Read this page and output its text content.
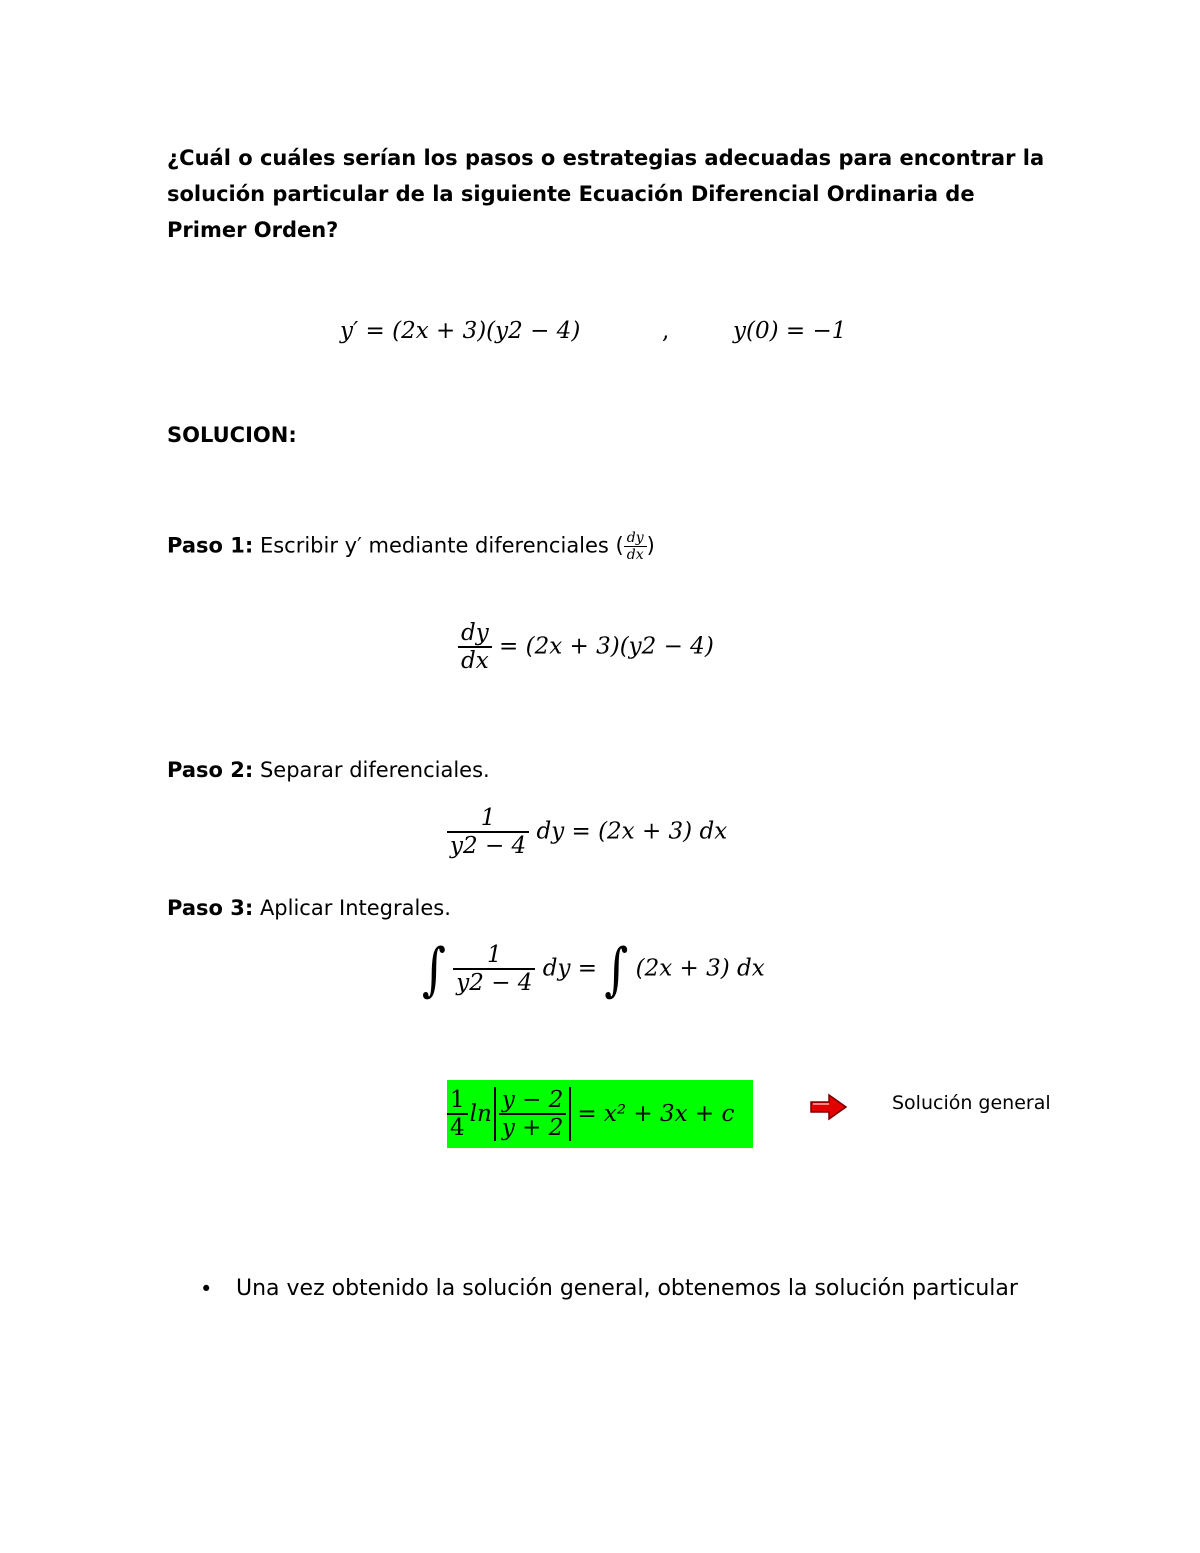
¿Cuál o cuáles serían los pasos o estrategias adecuadas para encontrar la solución particular de la siguiente Ecuación Diferencial Ordinaria de Primer Orden?
y′ = (2x + 3)(y2 − 4)	,	y(0) = −1
SOLUCION:
Paso 1: Escribir y′ mediante diferenciales ( $\frac{dy}{dx}$ )
$\frac{dy}{dx} = (2x + 3)(y2 - 4)$
Paso 2: Separar diferenciales.
$\frac{1}{y2 - 4}$ dy = (2x + 3) dx
Paso 3: Aplicar Integrales.
∫ $\frac{1}{y2 - 4}$ dy = ∫ (2x + 3) dx
$\frac{1}{4}$ $\ln \frac{y - 2}{y + 2} = x^2 + 3x + c$	Solución general
• Una vez obtenido la solución general, obtenemos la solución particular
